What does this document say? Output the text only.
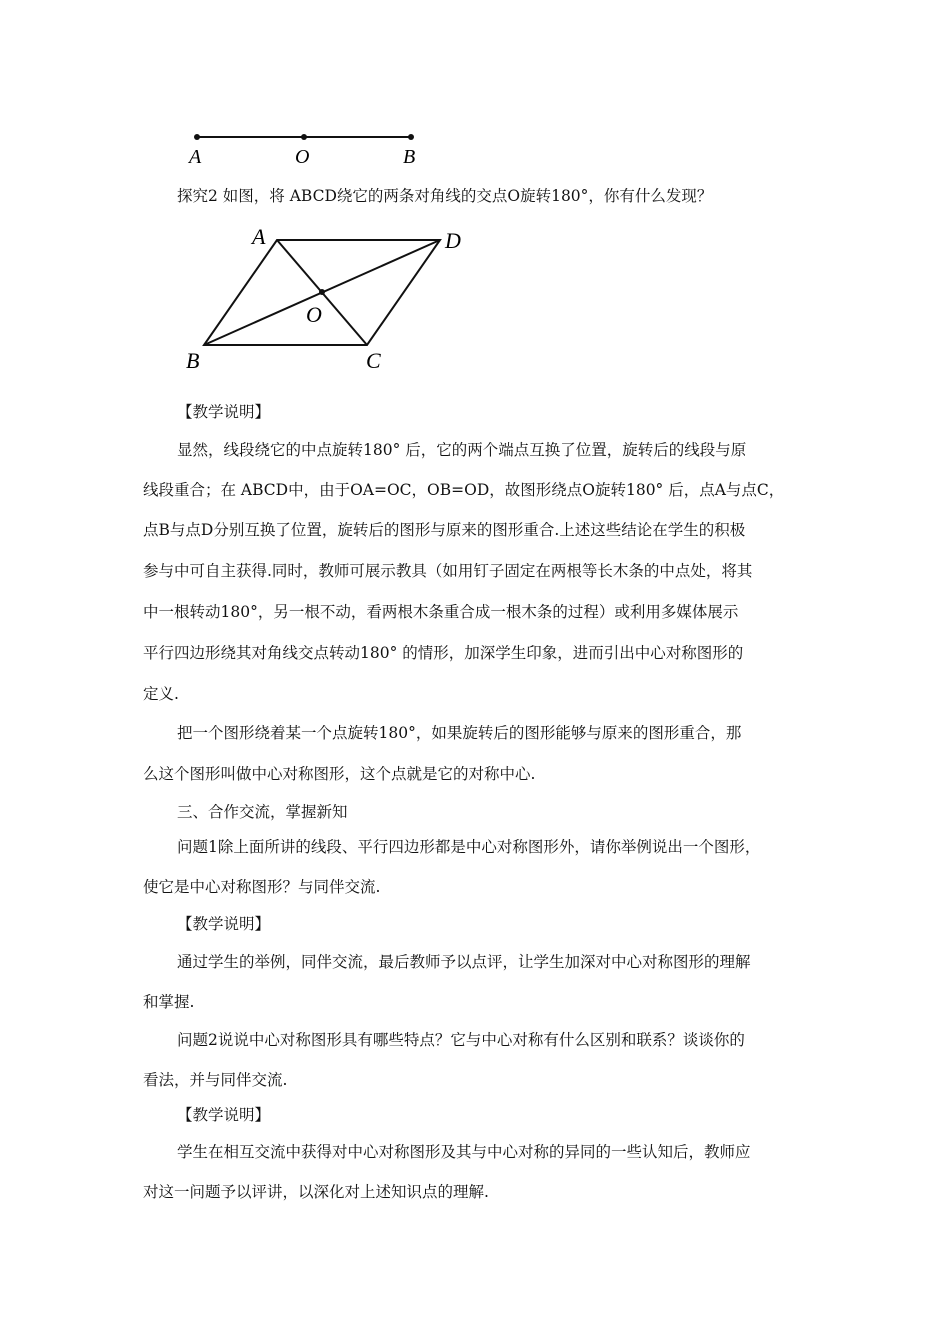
A	O	B
探究2 如图，将 ABCD绕它的两条对角线的交点O旋转180°，你有什么发现？
A	D
O
B	C
【教学说明】
显然，线段绕它的中点旋转180° 后，它的两个端点互换了位置，旋转后的线段与原
线段重合；在 ABCD中，由于OA=OC，OB=OD，故图形绕点O旋转180° 后，点A与点C，
点B与点D分别互换了位置，旋转后的图形与原来的图形重合.上述这些结论在学生的积极
参与中可自主获得.同时，教师可展示教具（如用钉子固定在两根等长木条的中点处，将其
中一根转动180°，另一根不动，看两根木条重合成一根木条的过程）或利用多媒体展示
平行四边形绕其对角线交点转动180° 的情形，加深学生印象，进而引出中心对称图形的
定义.
把一个图形绕着某一个点旋转180°，如果旋转后的图形能够与原来的图形重合，那
么这个图形叫做中心对称图形，这个点就是它的对称中心.
三、合作交流，掌握新知
问题1除上面所讲的线段、平行四边形都是中心对称图形外，请你举例说出一个图形，
使它是中心对称图形？与同伴交流.
【教学说明】
通过学生的举例，同伴交流，最后教师予以点评，让学生加深对中心对称图形的理解
和掌握.
问题2说说中心对称图形具有哪些特点？它与中心对称有什么区别和联系？谈谈你的
看法，并与同伴交流.
【教学说明】
学生在相互交流中获得对中心对称图形及其与中心对称的异同的一些认知后，教师应
对这一问题予以评讲，以深化对上述知识点的理解.
